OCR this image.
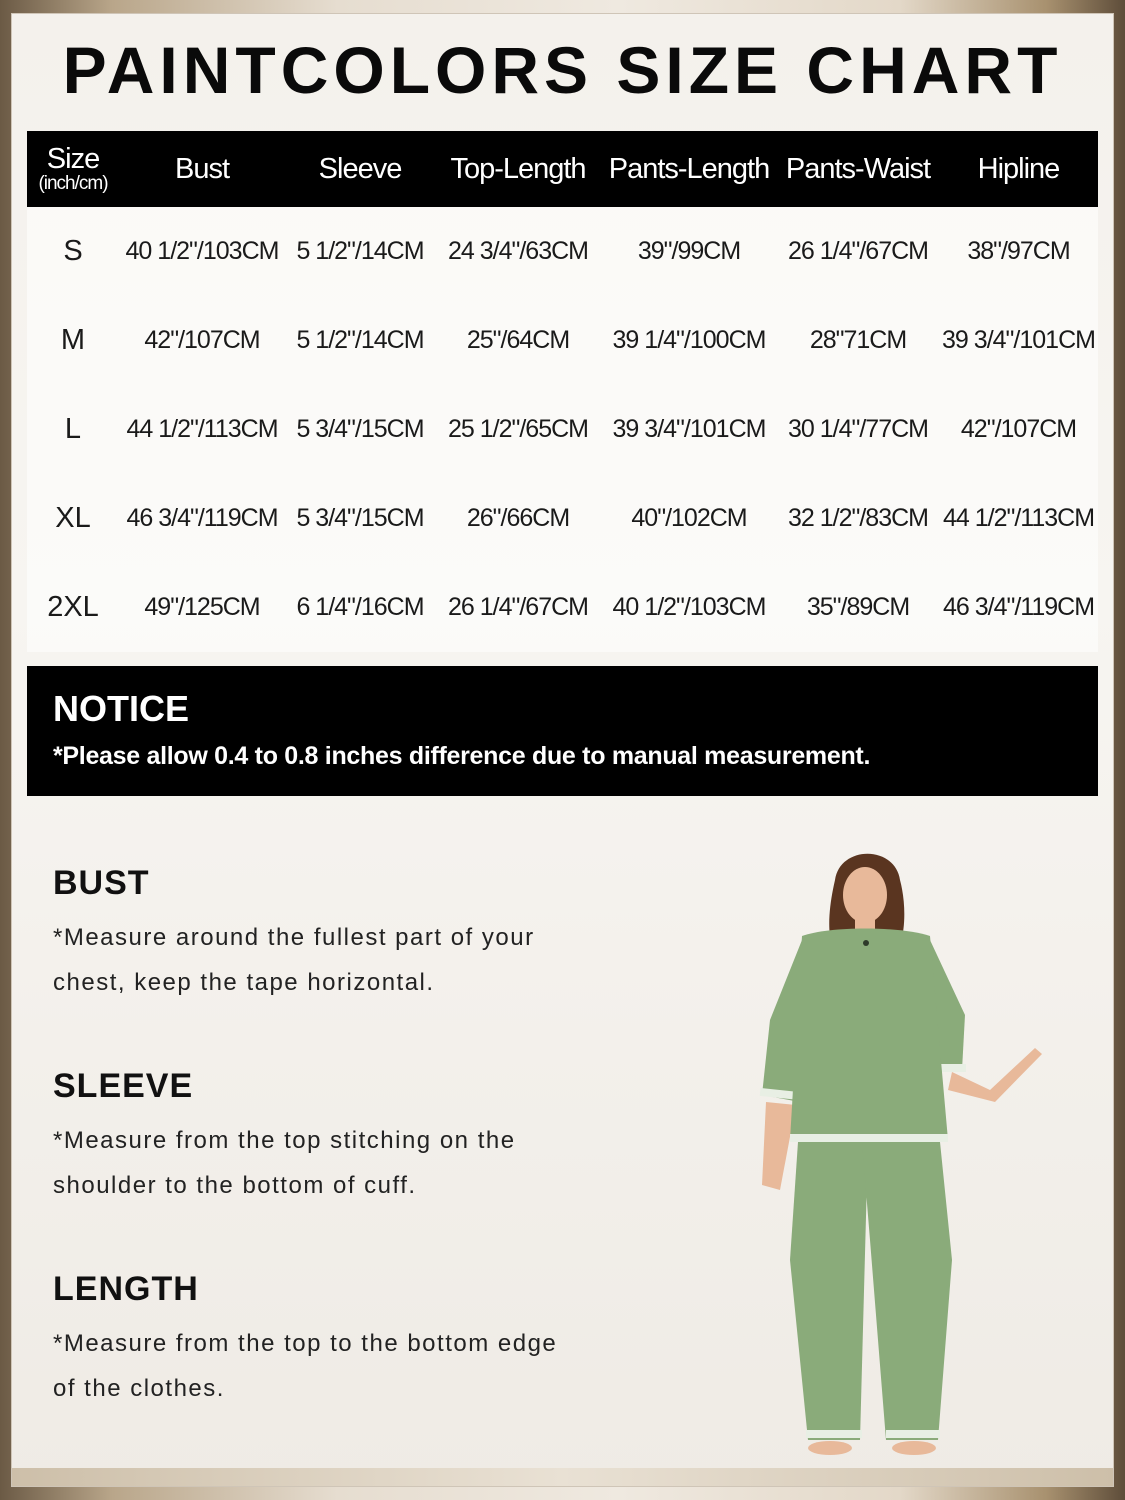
PAINTCOLORS SIZE CHART
Size
(inch/cm)	Bust	Sleeve	Top-Length	Pants-Length	Pants-Waist	Hipline
S	40 1/2"/103CM	5 1/2"/14CM	24 3/4"/63CM	39"/99CM	26 1/4"/67CM	38"/97CM
M	42"/107CM	5 1/2"/14CM	25"/64CM	39 1/4"/100CM	28"71CM	39 3/4"/101CM
L	44 1/2"/113CM	5 3/4"/15CM	25 1/2"/65CM	39 3/4"/101CM	30 1/4"/77CM	42"/107CM
XL	46 3/4"/119CM	5 3/4"/15CM	26"/66CM	40"/102CM	32 1/2"/83CM	44 1/2"/113CM
2XL	49"/125CM	6 1/4"/16CM	26 1/4"/67CM	40 1/2"/103CM	35"/89CM	46 3/4"/119CM
NOTICE

*Please allow 0.4 to 0.8 inches difference due to manual measurement.

BUST

*Measure around the fullest part of your
chest, keep the tape horizontal.

SLEEVE

*Measure from the top stitching on the
shoulder to the bottom of cuff.

LENGTH

*Measure from the top to the bottom edge
of the clothes.
